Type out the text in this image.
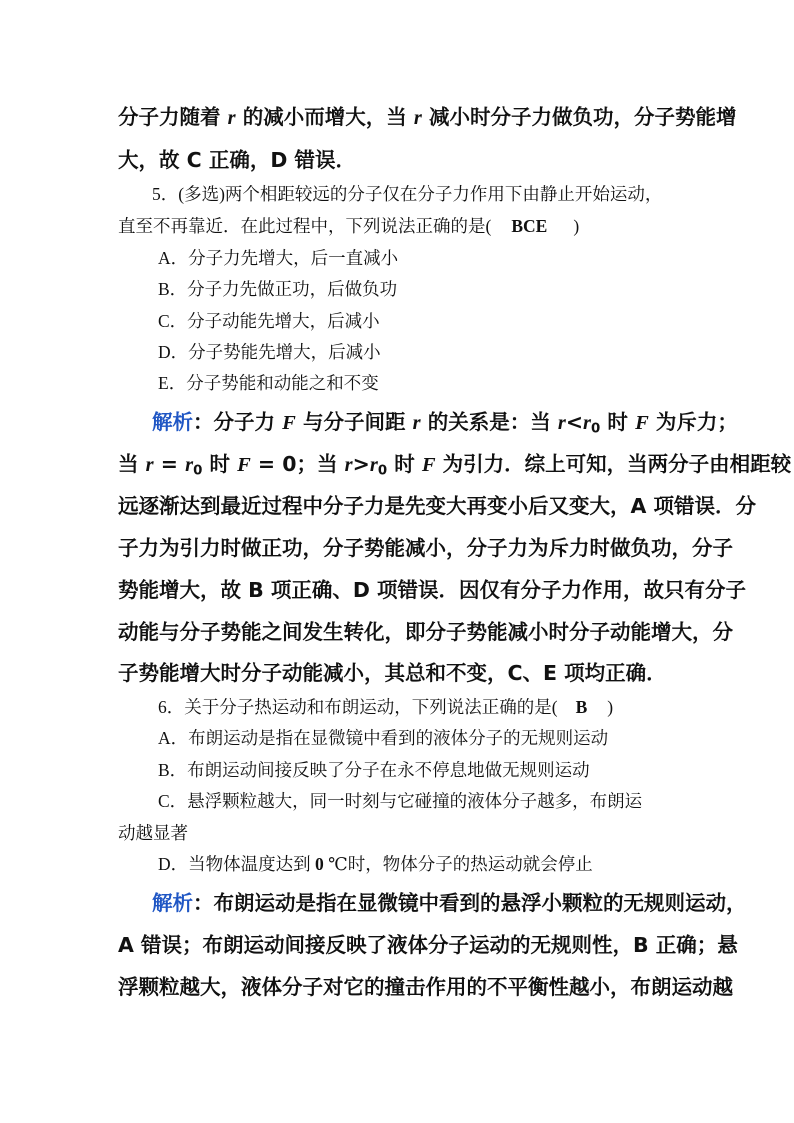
分子力随着 r 的减小而增大，当 r 减小时分子力做负功，分子势能增
大，故 C 正确，D 错误．
5．(多选)两个相距较远的分子仅在分子力作用下由静止开始运动，
直至不再靠近．在此过程中，下列说法正确的是( BCE )
A．分子力先增大，后一直减小
B．分子力先做正功，后做负功
C．分子动能先增大，后减小
D．分子势能先增大，后减小
E．分子势能和动能之和不变
解析：分子力 F 与分子间距 r 的关系是：当 $r<r_0$ 时 F 为斥力；
当 $r = r_0$ 时 F = 0；当 $r>r_0$ 时 F 为引力．综上可知，当两分子由相距较
远逐渐达到最近过程中分子力是先变大再变小后又变大，A 项错误．分
子力为引力时做正功，分子势能减小，分子力为斥力时做负功，分子
势能增大，故 B 项正确、D 项错误．因仅有分子力作用，故只有分子
动能与分子势能之间发生转化，即分子势能减小时分子动能增大，分
子势能增大时分子动能减小，其总和不变，C、E 项均正确．
6．关于分子热运动和布朗运动，下列说法正确的是( B )
A．布朗运动是指在显微镜中看到的液体分子的无规则运动
B．布朗运动间接反映了分子在永不停息地做无规则运动
C．悬浮颗粒越大，同一时刻与它碰撞的液体分子越多，布朗运
动越显著
D．当物体温度达到 0 ℃时，物体分子的热运动就会停止
解析：布朗运动是指在显微镜中看到的悬浮小颗粒的无规则运动，
A 错误；布朗运动间接反映了液体分子运动的无规则性，B 正确；悬
浮颗粒越大，液体分子对它的撞击作用的不平衡性越小，布朗运动越
